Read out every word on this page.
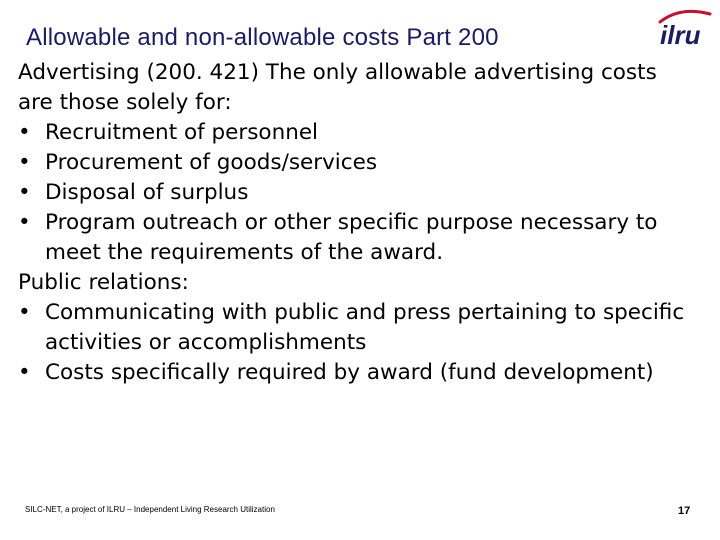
Allowable and non-allowable costs Part 200	ilru

Advertising (200. 421) The only allowable advertising costs are those solely for:

• Recruitment of personnel
• Procurement of goods/services
• Disposal of surplus
• Program outreach or other specific purpose necessary to meet the requirements of the award.

Public relations:

• Communicating with public and press pertaining to specific activities or accomplishments
• Costs specifically required by award (fund development)
SILC-NET, a project of ILRU – Independent Living Research Utilization	17
